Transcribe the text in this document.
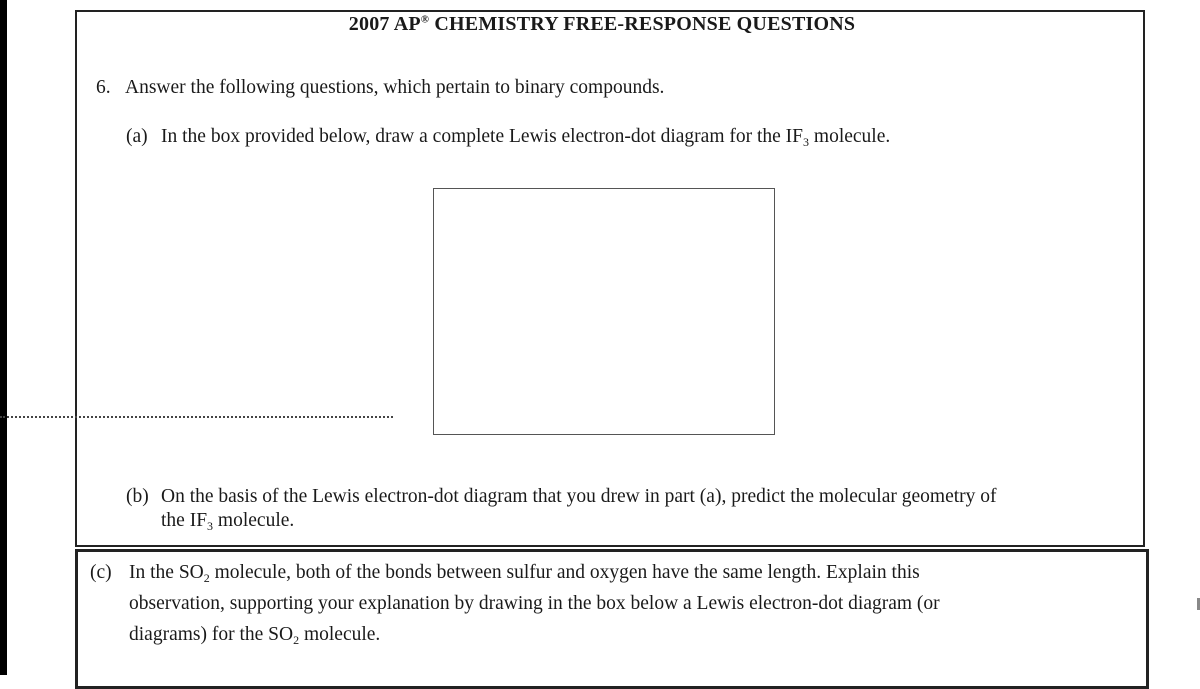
2007 AP® CHEMISTRY FREE-RESPONSE QUESTIONS
6. Answer the following questions, which pertain to binary compounds.
(a) In the box provided below, draw a complete Lewis electron-dot diagram for the $IF_3$ molecule.
(b) On the basis of the Lewis electron-dot diagram that you drew in part (a), predict the molecular geometry of
the $IF_3$ molecule.
(c) In the $SO_2$ molecule, both of the bonds between sulfur and oxygen have the same length. Explain this
observation, supporting your explanation by drawing in the box below a Lewis electron-dot diagram (or
diagrams) for the $SO_2$ molecule.
